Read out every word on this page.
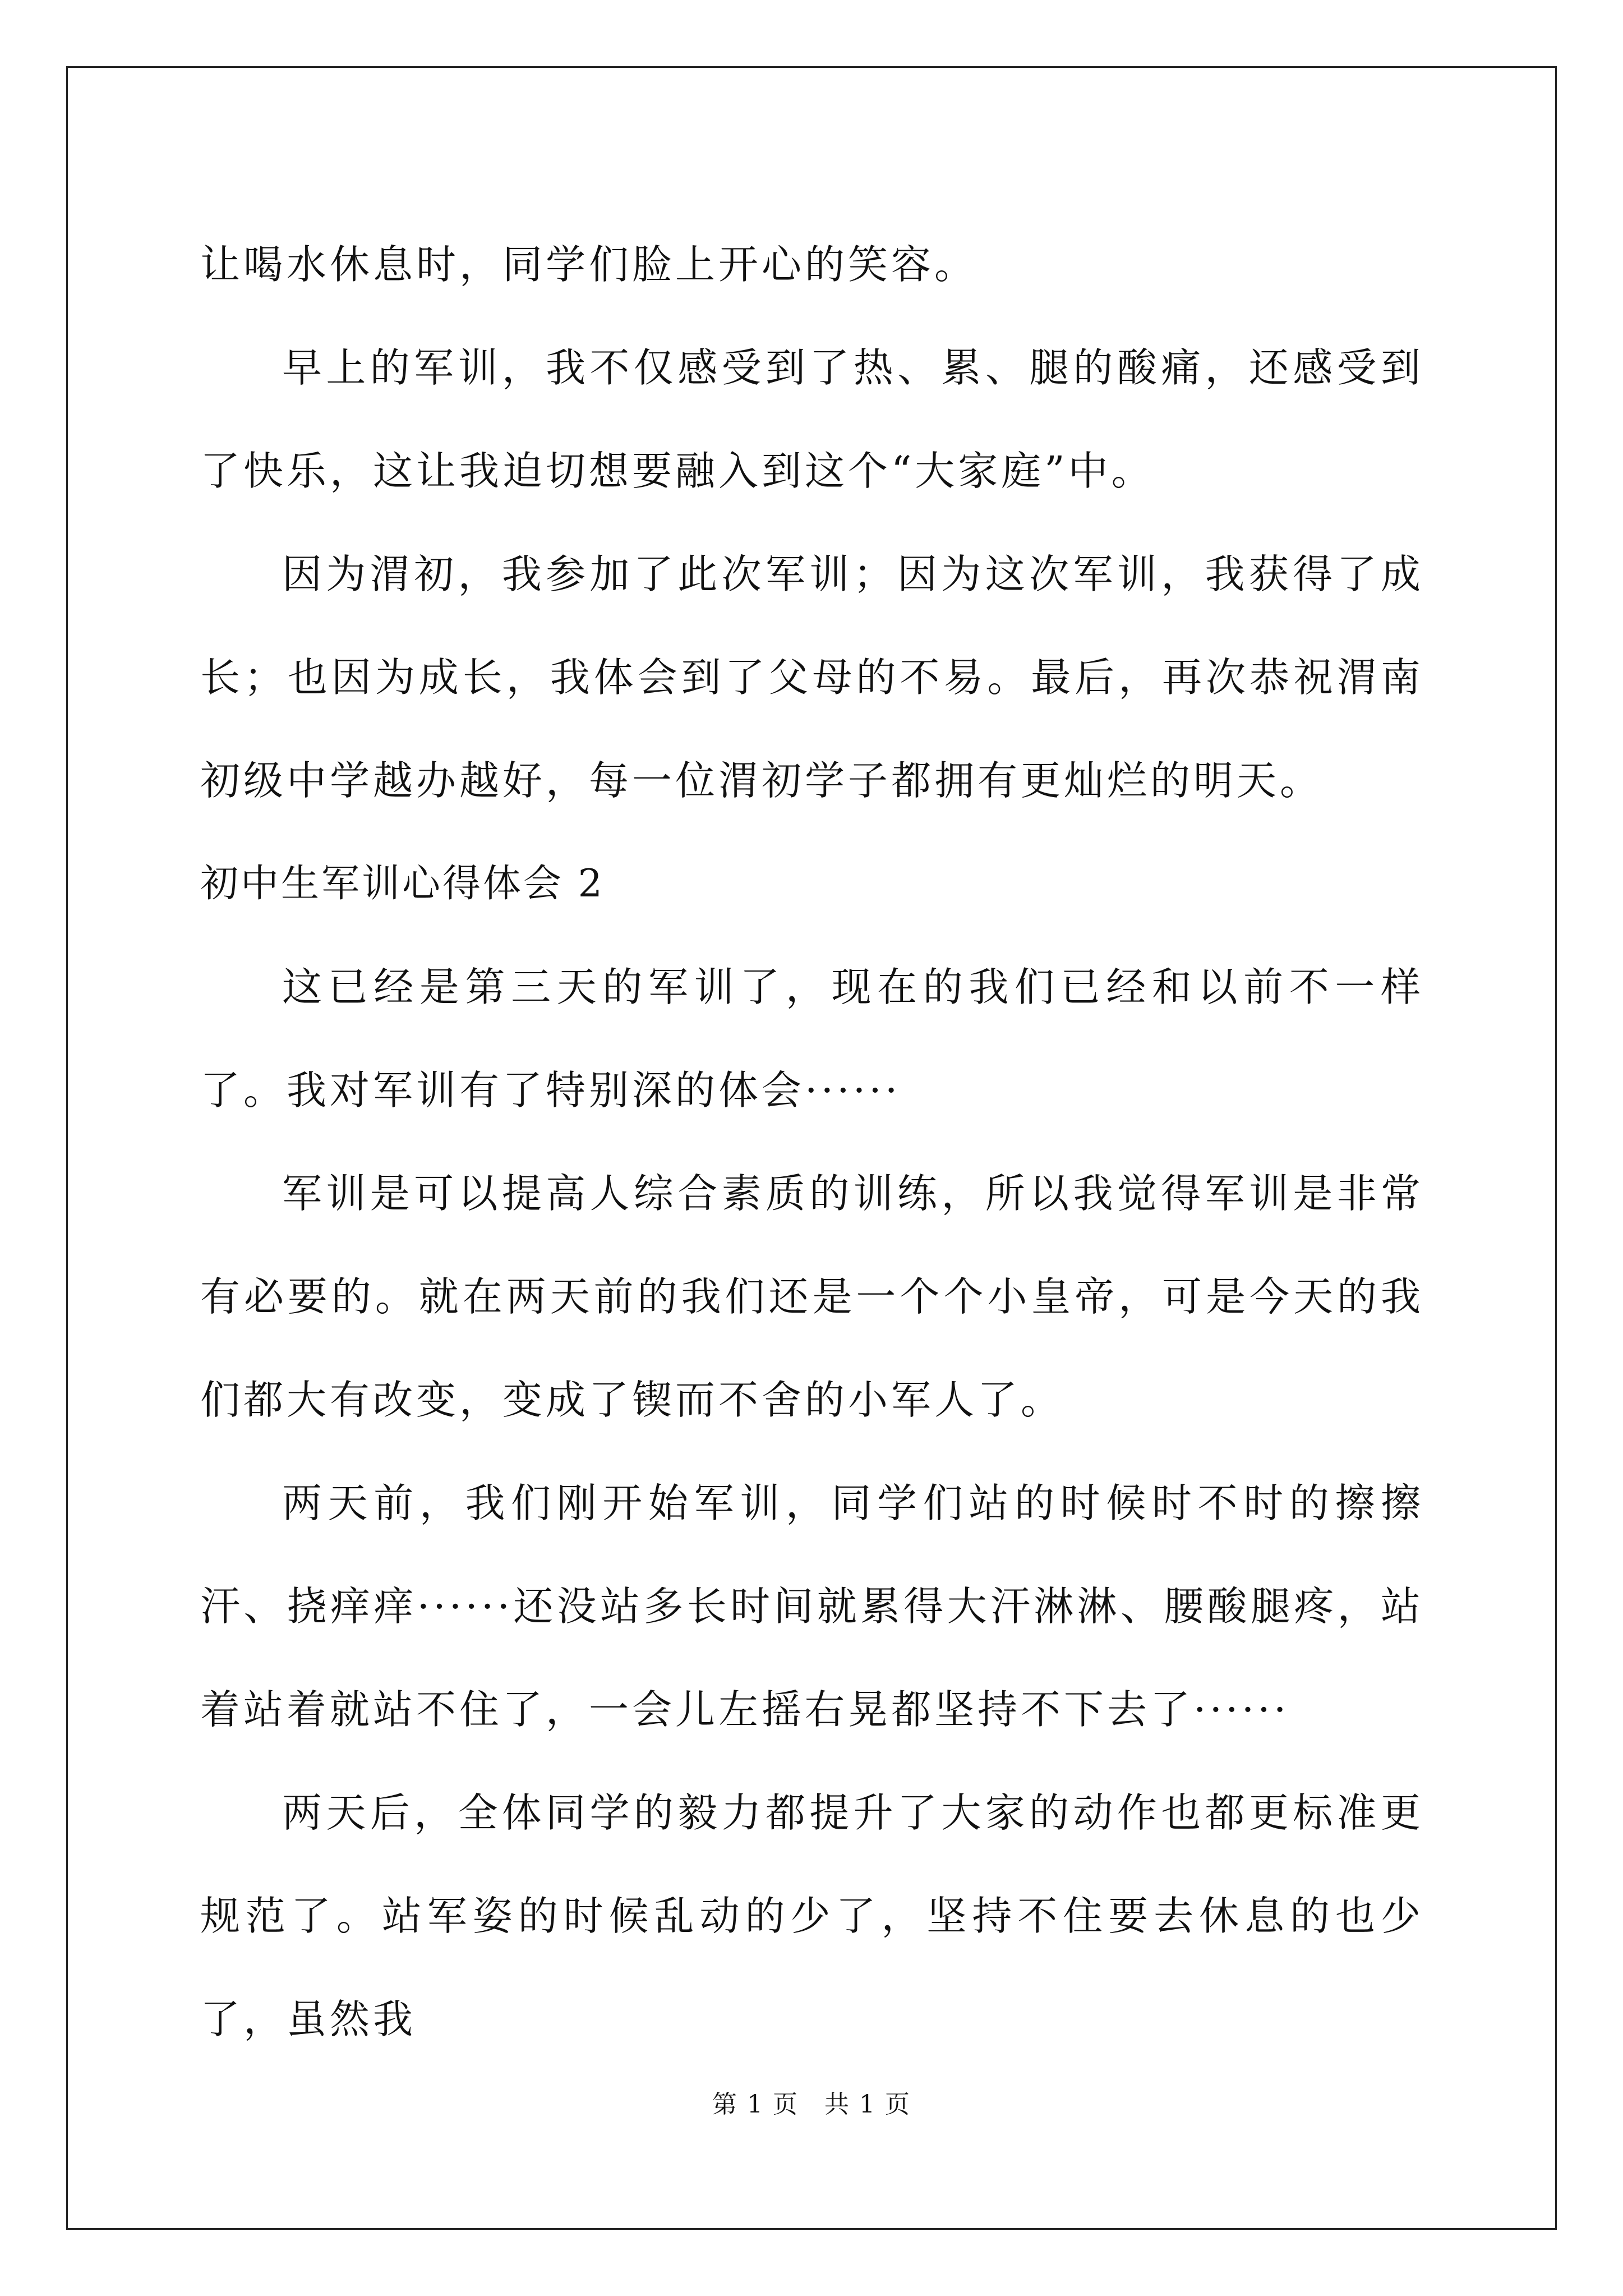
让喝水休息时，同学们脸上开心的笑容。

早上的军训，我不仅感受到了热、累、腿的酸痛，还感受到了快乐，这让我迫切想要融入到这个“大家庭”中。

因为渭初，我参加了此次军训；因为这次军训，我获得了成长；也因为成长，我体会到了父母的不易。最后，再次恭祝渭南初级中学越办越好，每一位渭初学子都拥有更灿烂的明天。

初中生军训心得体会 2

这已经是第三天的军训了，现在的我们已经和以前不一样了。我对军训有了特别深的体会······

军训是可以提高人综合素质的训练，所以我觉得军训是非常有必要的。就在两天前的我们还是一个个小皇帝，可是今天的我们都大有改变，变成了锲而不舍的小军人了。

两天前，我们刚开始军训，同学们站的时候时不时的擦擦汗、挠痒痒······还没站多长时间就累得大汗淋淋、腰酸腿疼，站着站着就站不住了，一会儿左摇右晃都坚持不下去了······

两天后，全体同学的毅力都提升了大家的动作也都更标准更规范了。站军姿的时候乱动的少了，坚持不住要去休息的也少了，虽然我

第 1 页　共 1 页
